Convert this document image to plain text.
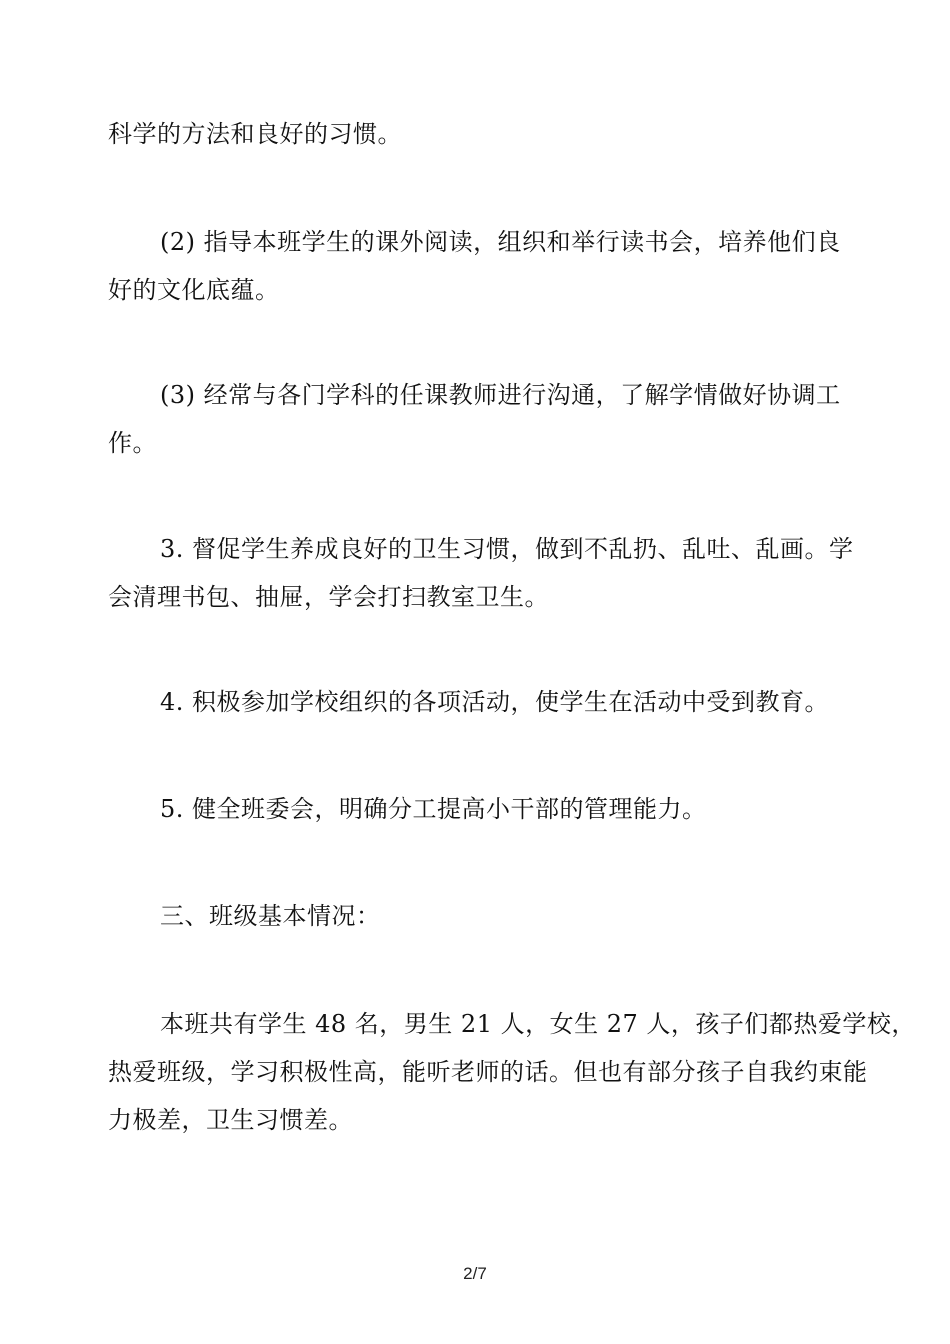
科学的方法和良好的习惯。

(2) 指导本班学生的课外阅读，组织和举行读书会，培养他们良
好的文化底蕴。

(3) 经常与各门学科的任课教师进行沟通，了解学情做好协调工
作。

3. 督促学生养成良好的卫生习惯，做到不乱扔、乱吐、乱画。学
会清理书包、抽屉，学会打扫教室卫生。

4. 积极参加学校组织的各项活动，使学生在活动中受到教育。

5. 健全班委会，明确分工提高小干部的管理能力。

三、班级基本情况：

本班共有学生 48 名，男生 21 人，女生 27 人，孩子们都热爱学校，
热爱班级，学习积极性高，能听老师的话。但也有部分孩子自我约束能
力极差，卫生习惯差。

2/7
